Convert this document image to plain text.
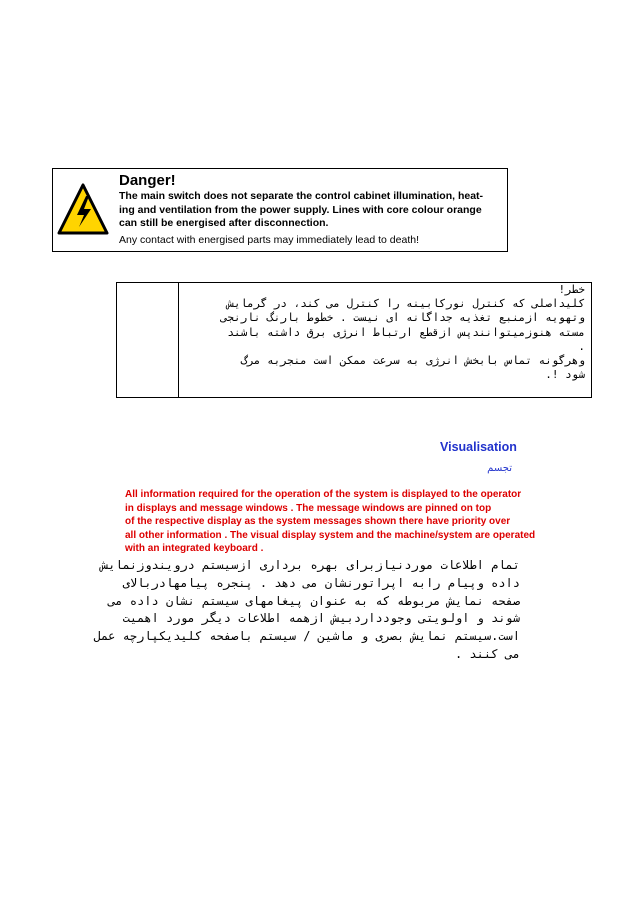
Danger!
The main switch does not separate the control cabinet illumination, heat-
ing and ventilation from the power supply. Lines with core colour orange
can still be energised after disconnection.
Any contact with energised parts may immediately lead to death!
خطر!
کلیداصلی که کنترل نورکابینه را کنترل می کند، در گرمایش
وتهویه ازمنبع تغذیه جداگانه ای نیست . خطوط بارنگ نارنجی
مسته هنوزمیتوانندپس ازقطع ارتباط انرژی برق داشته باشند
.
وهرگونه تماس بابخش انرژی به سرعت ممکن است منجربه مرگ
شود !.
Visualisation
تجسم
All information required for the operation of the system is displayed to the operator
in displays and message windows . The message windows are pinned on top
of the respective display as the system messages shown there have priority over
all other information . The visual display system and the machine/system are operated
with an integrated keyboard .
تمام اطلاعات موردنیازبرای بهره برداری ازسیستم درویندوزنمایش
داده وپیام رابه اپراتورنشان می دهد . پنجره پیامهادربالای
صفحه نمایش مربوطه که به عنوان پیغامهای سیستم نشان داده می
شوند و اولویتی وجودداردبیش ازهمه اطلاعات دیگر مورد اهمیت
است.سیستم نمایش بصری و ماشین / سیستم باصفحه کلیدیکپارچه عمل
می کنند .
